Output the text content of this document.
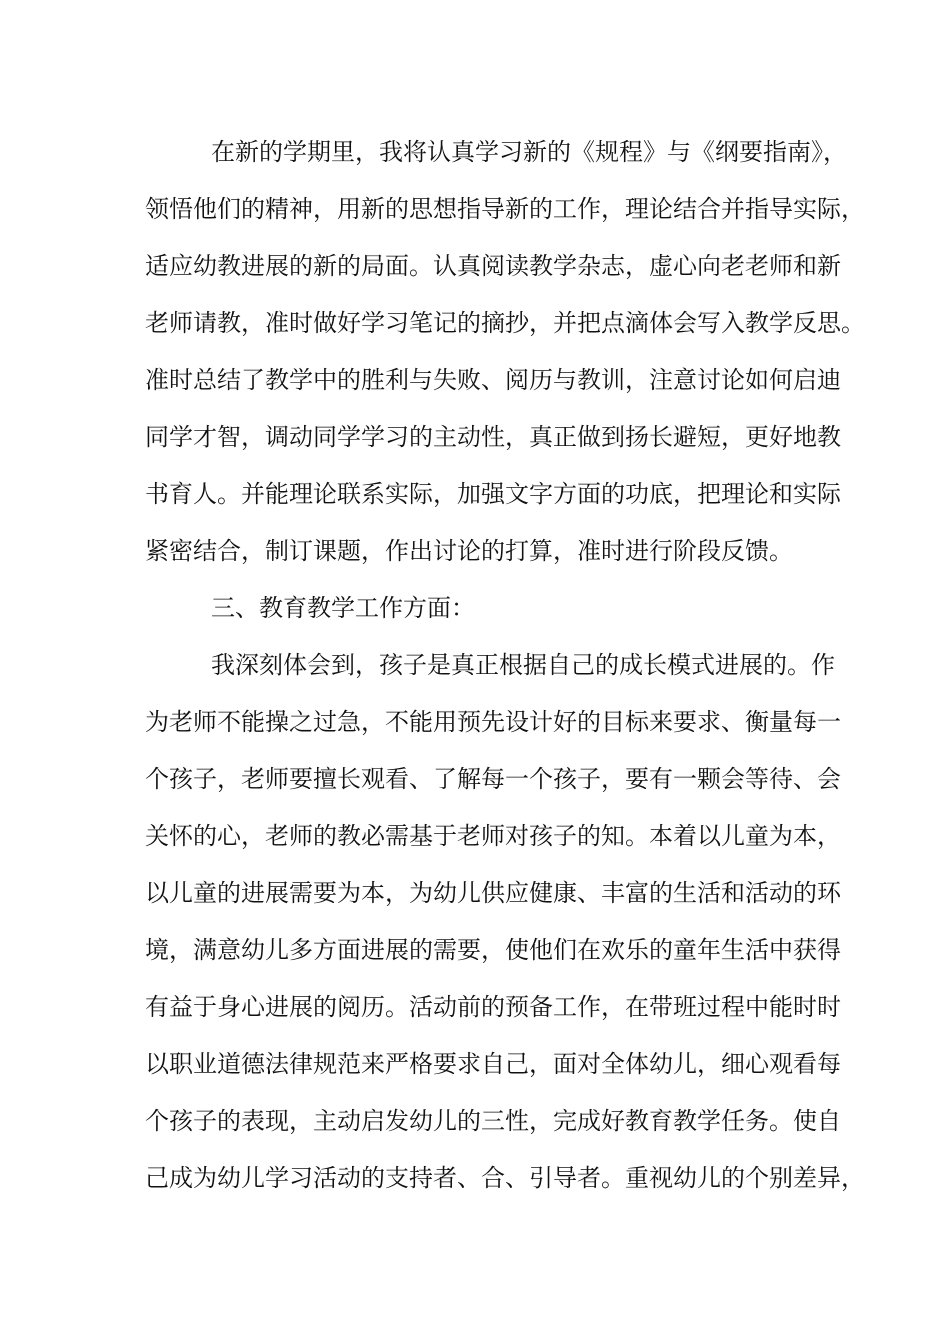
在新的学期里，我将认真学习新的《规程》与《纲要指南》，
领悟他们的精神，用新的思想指导新的工作，理论结合并指导实际，
适应幼教进展的新的局面。认真阅读教学杂志，虚心向老老师和新
老师请教，准时做好学习笔记的摘抄，并把点滴体会写入教学反思。
准时总结了教学中的胜利与失败、阅历与教训，注意讨论如何启迪
同学才智，调动同学学习的主动性，真正做到扬长避短，更好地教
书育人。并能理论联系实际，加强文字方面的功底，把理论和实际
紧密结合，制订课题，作出讨论的打算，准时进行阶段反馈。
三、教育教学工作方面：
我深刻体会到，孩子是真正根据自己的成长模式进展的。作
为老师不能操之过急，不能用预先设计好的目标来要求、衡量每一
个孩子，老师要擅长观看、了解每一个孩子，要有一颗会等待、会
关怀的心，老师的教必需基于老师对孩子的知。本着以儿童为本，
以儿童的进展需要为本，为幼儿供应健康、丰富的生活和活动的环
境，满意幼儿多方面进展的需要，使他们在欢乐的童年生活中获得
有益于身心进展的阅历。活动前的预备工作，在带班过程中能时时
以职业道德法律规范来严格要求自己，面对全体幼儿，细心观看每
个孩子的表现，主动启发幼儿的三性，完成好教育教学任务。使自
己成为幼儿学习活动的支持者、合、引导者。重视幼儿的个别差异，
